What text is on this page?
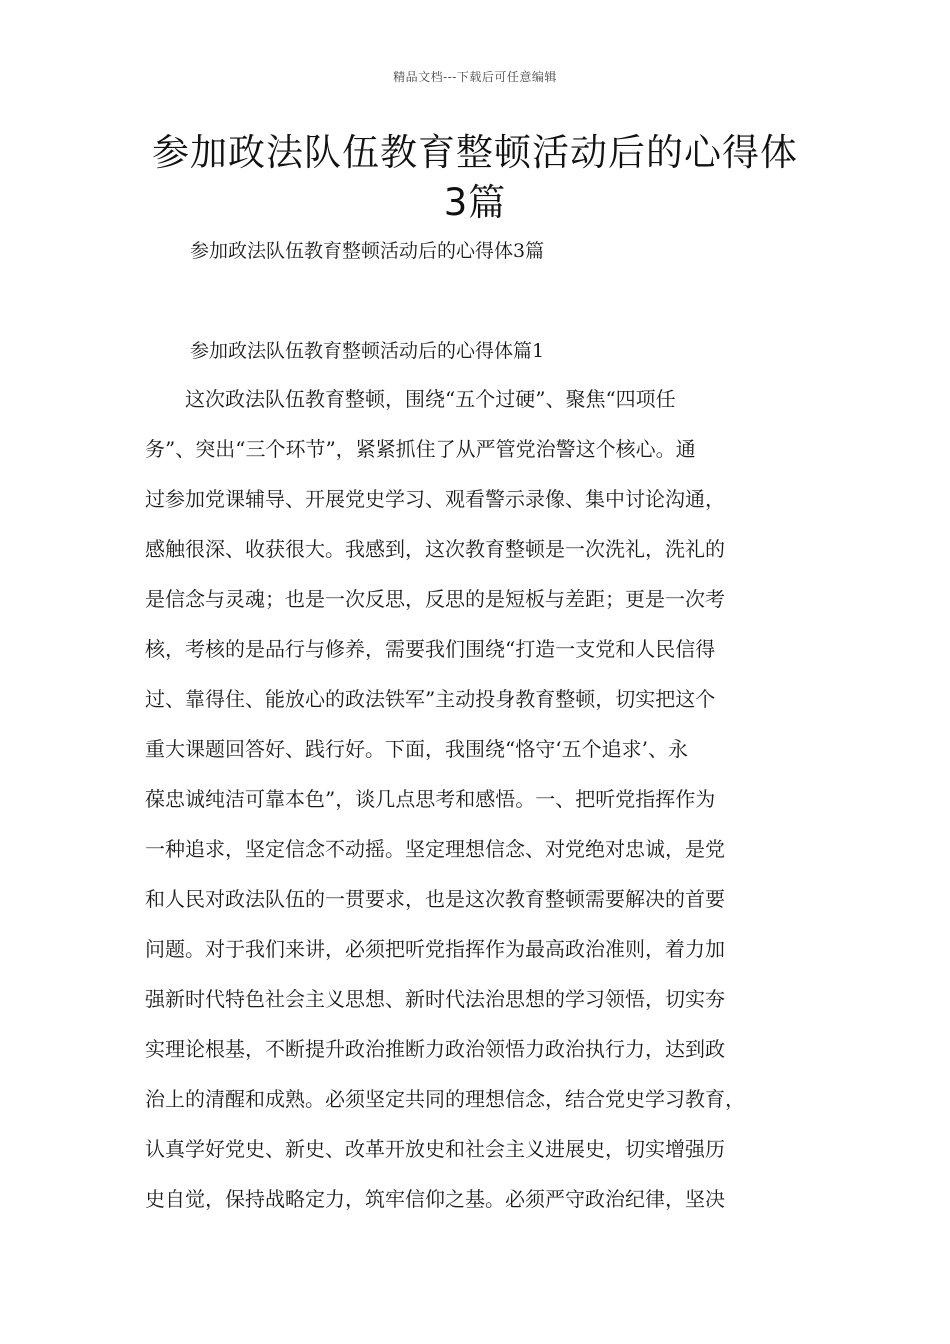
精品文档---下载后可任意编辑
参加政法队伍教育整顿活动后的心得体
3篇
参加政法队伍教育整顿活动后的心得体3篇
参加政法队伍教育整顿活动后的心得体篇1
　　这次政法队伍教育整顿，围绕“五个过硬”、聚焦“四项任
务”、突出“三个环节”，紧紧抓住了从严管党治警这个核心。通
过参加党课辅导、开展党史学习、观看警示录像、集中讨论沟通，
感触很深、收获很大。我感到，这次教育整顿是一次洗礼，洗礼的
是信念与灵魂；也是一次反思，反思的是短板与差距；更是一次考
核，考核的是品行与修养，需要我们围绕“打造一支党和人民信得
过、靠得住、能放心的政法铁军”主动投身教育整顿，切实把这个
重大课题回答好、践行好。下面，我围绕“恪守‘五个追求’、永
葆忠诚纯洁可靠本色”，谈几点思考和感悟。一、把听党指挥作为
一种追求，坚定信念不动摇。坚定理想信念、对党绝对忠诚，是党
和人民对政法队伍的一贯要求，也是这次教育整顿需要解决的首要
问题。对于我们来讲，必须把听党指挥作为最高政治准则，着力加
强新时代特色社会主义思想、新时代法治思想的学习领悟，切实夯
实理论根基，不断提升政治推断力政治领悟力政治执行力，达到政
治上的清醒和成熟。必须坚定共同的理想信念，结合党史学习教育，
认真学好党史、新史、改革开放史和社会主义进展史，切实增强历
史自觉，保持战略定力，筑牢信仰之基。必须严守政治纪律，坚决
